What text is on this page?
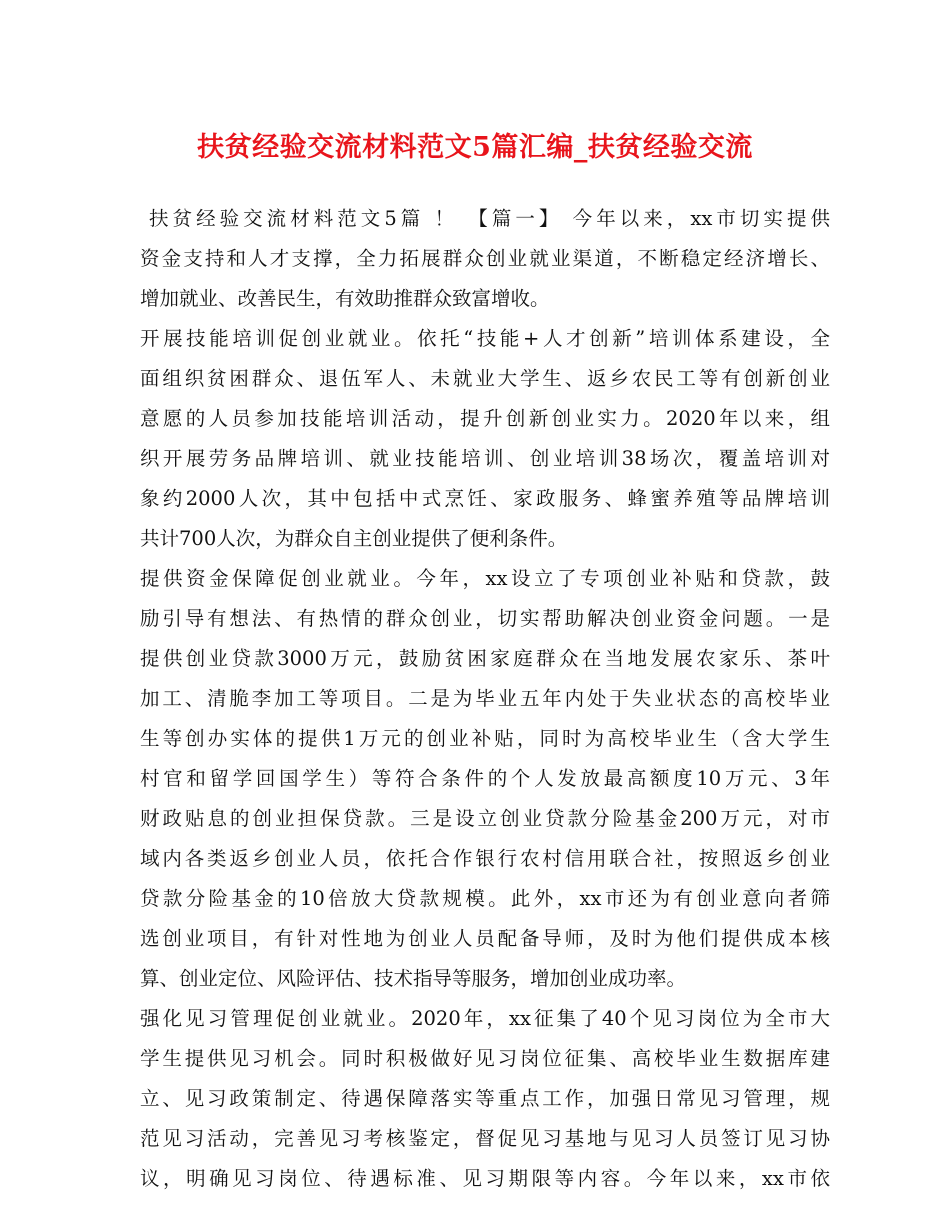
扶贫经验交流材料范文5篇汇编_扶贫经验交流
扶贫经验交流材料范文5篇 ！ 【篇一】 今年以来，xx市切实提供
资金支持和人才支撑，全力拓展群众创业就业渠道，不断稳定经济增长、
增加就业、改善民生，有效助推群众致富增收。
开展技能培训促创业就业。依托“技能+人才创新”培训体系建设，全
面组织贫困群众、退伍军人、未就业大学生、返乡农民工等有创新创业
意愿的人员参加技能培训活动，提升创新创业实力。2020年以来，组
织开展劳务品牌培训、就业技能培训、创业培训38场次，覆盖培训对
象约2000人次，其中包括中式烹饪、家政服务、蜂蜜养殖等品牌培训
共计700人次，为群众自主创业提供了便利条件。
提供资金保障促创业就业。今年，xx设立了专项创业补贴和贷款，鼓
励引导有想法、有热情的群众创业，切实帮助解决创业资金问题。一是
提供创业贷款3000万元，鼓励贫困家庭群众在当地发展农家乐、茶叶
加工、清脆李加工等项目。二是为毕业五年内处于失业状态的高校毕业
生等创办实体的提供1万元的创业补贴，同时为高校毕业生（含大学生
村官和留学回国学生）等符合条件的个人发放最高额度10万元、3年
财政贴息的创业担保贷款。三是设立创业贷款分险基金200万元，对市
域内各类返乡创业人员，依托合作银行农村信用联合社，按照返乡创业
贷款分险基金的10倍放大贷款规模。此外，xx市还为有创业意向者筛
选创业项目，有针对性地为创业人员配备导师，及时为他们提供成本核
算、创业定位、风险评估、技术指导等服务，增加创业成功率。
强化见习管理促创业就业。2020年，xx征集了40个见习岗位为全市大
学生提供见习机会。同时积极做好见习岗位征集、高校毕业生数据库建
立、见习政策制定、待遇保障落实等重点工作，加强日常见习管理，规
范见习活动，完善见习考核鉴定，督促见习基地与见习人员签订见习协
议，明确见习岗位、待遇标准、见习期限等内容。今年以来，xx市依
